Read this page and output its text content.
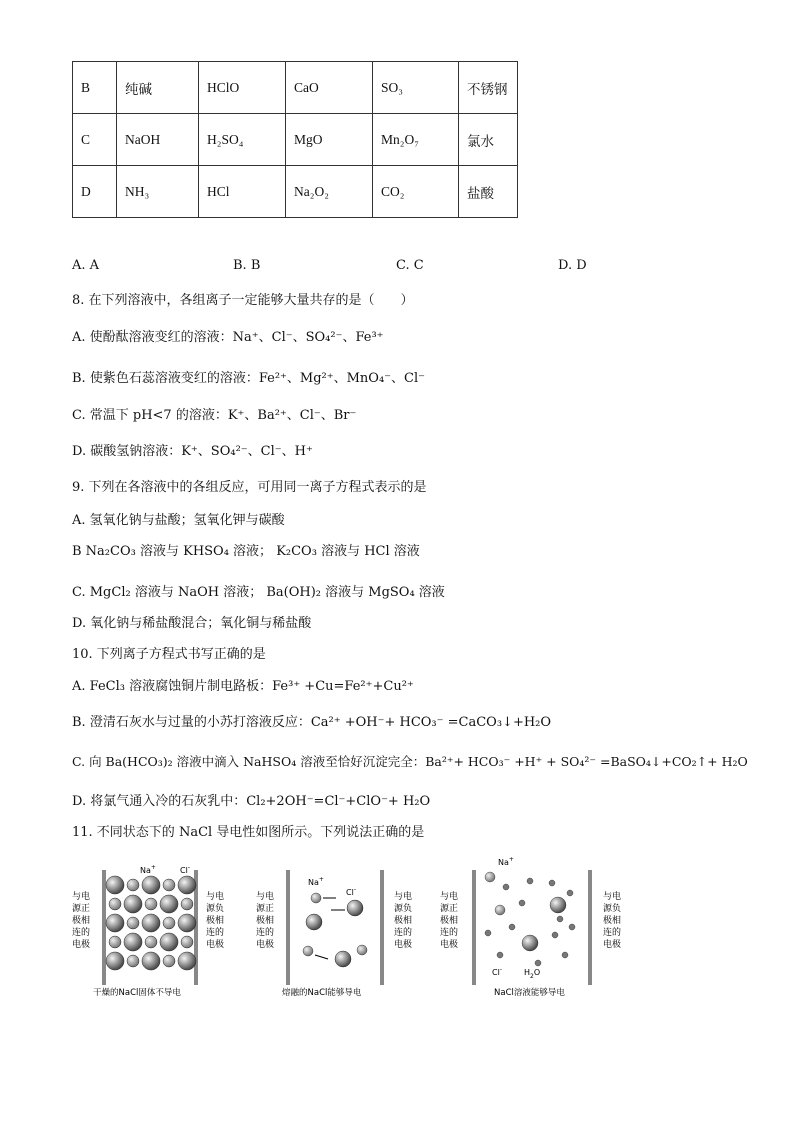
B	纯碱	HClO	CaO	SO₃	不锈钢
C	NaOH	H₂SO₄	MgO	Mn₂O₇	氯水
D	NH₃	HCl	Na₂O₂	CO₂	盐酸
A. A	B. B	C. C	D. D
8. 在下列溶液中，各组离子一定能够大量共存的是（　　）
A. 使酚酞溶液变红的溶液：Na⁺、Cl⁻、SO₄²⁻、Fe³⁺
B. 使紫色石蕊溶液变红的溶液：Fe²⁺、Mg²⁺、MnO₄⁻、Cl⁻
C. 常温下 pH<7 的溶液：K⁺、Ba²⁺、Cl⁻、Br⁻
D. 碳酸氢钠溶液：K⁺、SO₄²⁻、Cl⁻、H⁺
9. 下列在各溶液中的各组反应，可用同一离子方程式表示的是
A. 氢氧化钠与盐酸；氢氧化钾与碳酸
B Na₂CO₃ 溶液与 KHSO₄ 溶液； K₂CO₃ 溶液与 HCl 溶液
C. MgCl₂ 溶液与 NaOH 溶液； Ba(OH)₂ 溶液与 MgSO₄ 溶液
D. 氧化钠与稀盐酸混合；氧化铜与稀盐酸
10. 下列离子方程式书写正确的是
A. FeCl₃ 溶液腐蚀铜片制电路板：Fe³⁺ +Cu=Fe²⁺+Cu²⁺
B. 澄清石灰水与过量的小苏打溶液反应：Ca²⁺ +OH⁻+ HCO₃⁻ =CaCO₃↓+H₂O
C. 向 Ba(HCO₃)₂ 溶液中滴入 NaHSO₄ 溶液至恰好沉淀完全：Ba²⁺+ HCO₃⁻ +H⁺ + SO₄²⁻ =BaSO₄↓+CO₂↑+ H₂O
D. 将氯气通入冷的石灰乳中：Cl₂+2OH⁻=Cl⁻+ClO⁻+ H₂O
11. 不同状态下的 NaCl 导电性如图所示。下列说法正确的是
与电源正极相连的电极
与电源负极相连的电极
Na+	Cl-
干燥的NaCl固体不导电
与电源正极相连的电极
与电源负极相连的电极
Na+
Cl-
熔融的NaCl能够导电
与电源正极相连的电极
与电源负极相连的电极
Na+
Cl-	$H_2O$
NaCl溶液能够导电
